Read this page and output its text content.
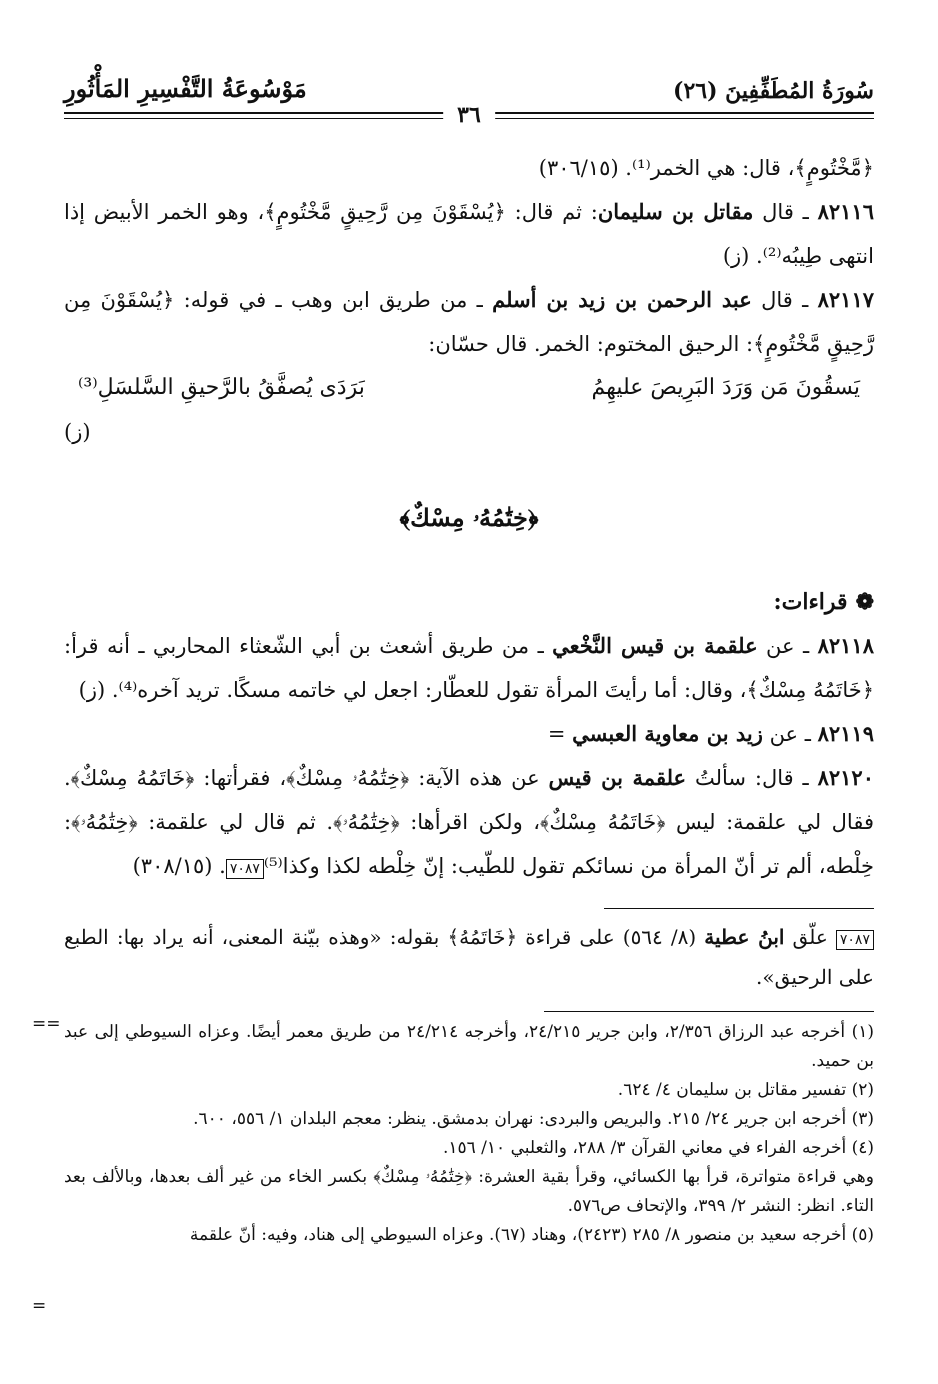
مَوْسُوعَةُ التَّفْسِيرِ المَأْثُورِ	سُورَةُ المُطَفِّفِينَ (٢٦)
٣٦

﴿مَّخْتُومٍ﴾، قال: هي الخمر⁽¹⁾. (٣٠٦/١٥)

٨٢١١٦ ـ قال مقاتل بن سليمان: ثم قال: ﴿يُسْقَوْنَ مِن رَّحِيقٍ مَّخْتُومٍ﴾، وهو الخمر الأبيض إذا انتهى طِيبُه⁽²⁾. (ز)

٨٢١١٧ ـ قال عبد الرحمن بن زيد بن أسلم ـ من طريق ابن وهب ـ في قوله: ﴿يُسْقَوْنَ مِن رَّحِيقٍ مَّخْتُومٍ﴾: الرحيق المختوم: الخمر. قال حسّان:

يَسقُونَ مَن وَرَدَ البَرِيصَ عليهِمُ
بَرَدَى يُصفَّقُ بالرَّحيقِ السَّلسَلِ⁽³⁾
(ز)
﴿خِتَٰمُهُۥ مِسْكٌ﴾
❁قراءات:

٨٢١١٨ ـ عن علقمة بن قيس النَّخْعي ـ من طريق أشعث بن أبي الشّعثاء المحاربي ـ أنه قرأ: ﴿خَاتَمُهُ مِسْكٌ﴾، وقال: أما رأيتَ المرأة تقول للعطّار: اجعل لي خاتمه مسكًا. تريد آخره⁽⁴⁾. (ز)

٨٢١١٩ ـ عن زيد بن معاوية العبسي =

٨٢١٢٠ ـ قال: سألتُ علقمة بن قيس عن هذه الآية: ﴿خِتَٰمُهُۥ مِسْكٌ﴾، فقرأتها: ﴿خَاتَمُهُ مِسْكٌ﴾. فقال لي علقمة: ليس ﴿خَاتَمُهُ مِسْكٌ﴾، ولكن اقرأها: ﴿خِتَٰمُهُۥ﴾. ثم قال لي علقمة: ﴿خِتَٰمُهُۥ﴾: خِلْطه، ألم تر أنّ المرأة من نسائكم تقول للطّيب: إنّ خِلْطه لكذا وكذا⁽⁵⁾٧٠٨٧. (٣٠٨/١٥)

٧٠٨٧ علّق ابنُ عطية (٨/ ٥٦٤) على قراءة ﴿خَاتَمُهُ﴾ بقوله: «وهذه بيّنة المعنى، أنه يراد بها: الطبع على الرحيق».

(١) أخرجه عبد الرزاق ٢/٣٥٦، وابن جرير ٢٤/٢١٥، وأخرجه ٢٤/٢١٤ من طريق معمر أيضًا. وعزاه السيوطي إلى عبد بن حميد.
(٢) تفسير مقاتل بن سليمان ٤/ ٦٢٤.
(٣) أخرجه ابن جرير ٢٤/ ٢١٥. والبريص والبردى: نهران بدمشق. ينظر: معجم البلدان ١/ ٥٥٦، ٦٠٠.
(٤) أخرجه الفراء في معاني القرآن ٣/ ٢٨٨، والثعلبي ١٠/ ١٥٦.
وهي قراءة متواترة، قرأ بها الكسائي، وقرأ بقية العشرة: ﴿خِتَٰمُهُۥ مِسْكٌ﴾ بكسر الخاء من غير ألف بعدها، وبالألف بعد التاء. انظر: النشر ٢/ ٣٩٩، والإتحاف ص٥٧٦.
(٥) أخرجه سعيد بن منصور ٨/ ٢٨٥ (٢٤٢٣)، وهناد (٦٧). وعزاه السيوطي إلى هناد، وفيه: أنّ علقمة
==
=
